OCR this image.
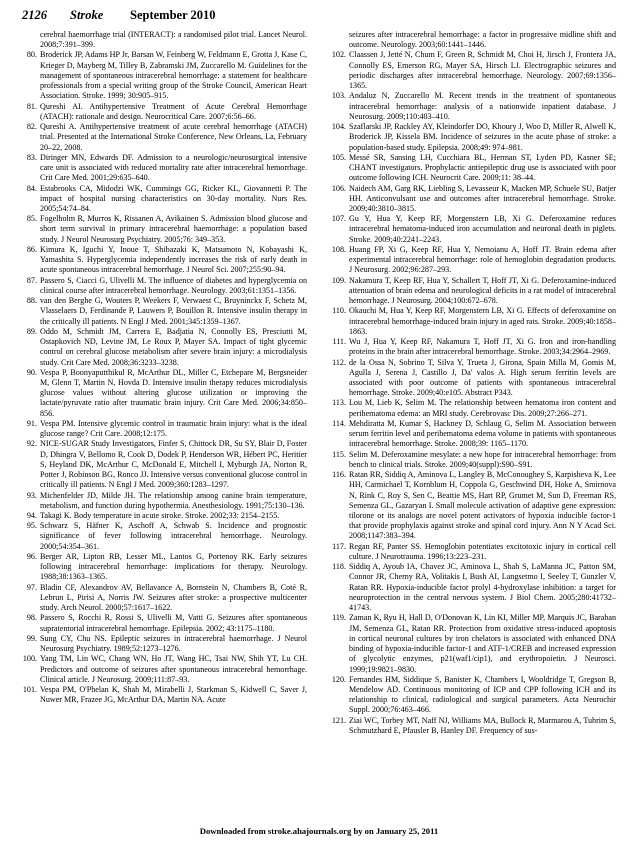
2126 Stroke September 2010
cerebral haemorrhage trial (INTERACT): a randomised pilot trial. Lancet Neurol. 2008;7:391–399.
80. Broderick JP, Adams HP Jr, Barsan W, Feinberg W, Feldmann E, Grotta J, Kase C, Krieger D, Mayberg M, Tilley B, Zabramski JM, Zuccarello M. Guidelines for the management of spontaneous intracerebral hemorrhage: a statement for healthcare professionals from a special writing group of the Stroke Council, American Heart Association. Stroke. 1999; 30:905–915.
81. Qureshi AI. Antihypertensive Treatment of Acute Cerebral Hemorrhage (ATACH): rationale and design. Neurocritical Care. 2007;6:56–66.
82. Qureshi A. Antihypertensive treatment of acute cerebral hemorrhage (ATACH) trial. Presented at the International Stroke Conference, New Orleans, La, February 20–22, 2008.
83. Diringer MN, Edwards DF. Admission to a neurologic/neurosurgical intensive care unit is associated with reduced mortality rate after intracerebral hemorrhage. Crit Care Med. 2001;29:635–640.
84. Estabrooks CA, Midodzi WK, Cummings GG, Ricker KL, Giovannetti P. The impact of hospital nursing characteristics on 30-day mortality. Nurs Res. 2005;54:74–84.
85. Fogelholm R, Murros K, Rissanen A, Avikainen S. Admission blood glucose and short term survival in primary intracerebral haemorrhage: a population based study. J Neurol Neurosurg Psychiatry. 2005;76: 349–353.
86. Kimura K, Iguchi Y, Inoue T, Shibazaki K, Matsumoto N, Kobayashi K, Yamashita S. Hyperglycemia independently increases the risk of early death in acute spontaneous intracerebral hemorrhage. J Neurol Sci. 2007;255:90–94.
87. Passero S, Ciacci G, Ulivelli M. The influence of diabetes and hyperglycemia on clinical course after intracerebral hemorrhage. Neurology. 2003;61:1351–1356.
88. van den Berghe G, Wouters P, Weekers F, Verwaest C, Bruyninckx F, Schetz M, Vlasselaers D, Ferdinande P, Lauwers P, Bouillon R. Intensive insulin therapy in the critically ill patients. N Engl J Med. 2001;345:1359–1367.
89. Oddo M, Schmidt JM, Carrera E, Badjatia N, Connolly ES, Presciutti M, Ostapkovich ND, Levine JM, Le Roux P, Mayer SA. Impact of tight glycemic control on cerebral glucose metabolism after severe brain injury: a microdialysis study. Crit Care Med. 2008;36:3233–3238.
90. Vespa P, Boonyaputthikul R, McArthur DL, Miller C, Etchepare M, Bergsneider M, Glenn T, Martin N, Hovda D. Intensive insulin therapy reduces microdialysis glucose values without altering glucose utilization or improving the lactate/pyruvate ratio after traumatic brain injury. Crit Care Med. 2006;34:850–856.
91. Vespa PM. Intensive glycemic control in traumatic brain injury: what is the ideal glucose range? Crit Care. 2008;12:175.
92. NICE-SUGAR Study Investigators, Finfer S, Chittock DR, Su SY, Blair D, Foster D, Dhingra V, Bellomo R, Cook D, Dodek P, Henderson WR, Hébert PC, Heritier S, Heyland DK, McArthur C, McDonald E, Mitchell I, Myburgh JA, Norton R, Potter J, Robinson BG, Ronco JJ. Intensive versus conventional glucose control in critically ill patients. N Engl J Med. 2009;360:1283–1297.
93. Michenfelder JD, Milde JH. The relationship among canine brain temperature, metabolism, and function during hypothermia. Anesthesiology. 1991;75:130–136.
94. Takagi K. Body temperature in acute stroke. Stroke. 2002;33: 2154–2155.
95. Schwarz S, Häfner K, Aschoff A, Schwab S. Incidence and prognostic significance of fever following intracerebral hemorrhage. Neurology. 2000;54:354–361.
96. Berger AR, Lipton RB, Lesser ML, Lantos G, Portenoy RK. Early seizures following intracerebral hemorrhage: implications for therapy. Neurology. 1988;38:1363–1365.
97. Bladin CF, Alexandrov AV, Bellavance A, Bornstein N, Chambers B, Coté R, Lebrun L, Pirisi A, Norris JW. Seizures after stroke: a prospective multicenter study. Arch Neurol. 2000;57:1617–1622.
98. Passero S, Rocchi R, Rossi S, Ulivelli M, Vatti G. Seizures after spontaneous supratentorial intracerebral hemorrhage. Epilepsia. 2002; 43:1175–1180.
99. Sung CY, Chu NS. Epileptic seizures in intracerebral haemorrhage. J Neurol Neurosurg Psychiatry. 1989;52:1273–1276.
100. Yang TM, Lin WC, Chang WN, Ho JT, Wang HC, Tsai NW, Shih YT, Lu CH. Predictors and outcome of seizures after spontaneous intracerebral hemorrhage. Clinical article. J Neurosurg. 2009;111:87–93.
101. Vespa PM, O'Phelan K, Shah M, Mirabelli J, Starkman S, Kidwell C, Saver J, Nuwer MR, Frazee JG, McArthur DA, Martin NA. Acute
seizures after intracerebral hemorrhage: a factor in progressive midline shift and outcome. Neurology. 2003;60:1441–1446.
102. Claassen J, Jetté N, Chum F, Green R, Schmidt M, Choi H, Jirsch J, Frontera JA, Connolly ES, Emerson RG, Mayer SA, Hirsch LJ. Electrographic seizures and periodic discharges after intracerebral hemorrhage. Neurology. 2007;69:1356–1365.
103. Andaluz N, Zuccarello M. Recent trends in the treatment of spontaneous intracerebral hemorrhage: analysis of a nationwide inpatient database. J Neurosurg. 2009;110:403–410.
104. Szaflarski JP, Rackley AY, Kleindorfer DO, Khoury J, Woo D, Miller R, Alwell K, Broderick JP, Kissela BM. Incidence of seizures in the acute phase of stroke: a population-based study. Epilepsia. 2008;49: 974–981.
105. Messé SR, Sansing LH, Cucchiara BL, Herman ST, Lyden PD, Kasner SE; CHANT investigators. Prophylactic antiepileptic drug use is associated with poor outcome following ICH. Neurocrit Care. 2009;11: 38–44.
106. Naidech AM, Garg RK, Liebling S, Levasseur K, Macken MP, Schuele SU, Batjer HH. Anticonvulsant use and outcomes after intracerebral hemorrhage. Stroke. 2009;40:3810–3815.
107. Gu Y, Hua Y, Keep RF, Morgenstern LB, Xi G. Deferoxamine reduces intracerebral hematoma-induced iron accumulation and neuronal death in piglets. Stroke. 2009;40:2241–2243.
108. Huang FP, Xi G, Keep RF, Hua Y, Nemoianu A, Hoff JT. Brain edema after experimental intracerebral hemorrhage: role of hemoglobin degradation products. J Neurosurg. 2002;96:287–293.
109. Nakamura T, Keep RF, Hua Y, Schallert T, Hoff JT, Xi G. Deferoxamine-induced attenuation of brain edema and neurological deficits in a rat model of intracerebral hemorrhage. J Neurosurg. 2004;100:672–678.
110. Okauchi M, Hua Y, Keep RF, Morgenstern LB, Xi G. Effects of deferoxamine on intracerebral hemorrhage-induced brain injury in aged rats. Stroke. 2009;40:1858–1863.
111. Wu J, Hua Y, Keep RF, Nakamura T, Hoff JT, Xi G. Iron and iron-handling proteins in the brain after intracerebral hemorrhage. Stroke. 2003;34:2964–2969.
112. de la Ossa N, Sobrino T, Silva Y, Truetа J, Girona, Spain Milla M, Gomis M, Agulla J, Serena J, Castillo J, Da' valos A. High serum ferritin levels are associated with poor outcome of patients with spontaneous intracerebral hemorrhage. Stroke. 2009;40:e105. Abstract P343.
113. Lou M, Lieb K, Selim M. The relationship between hematoma iron content and perihematoma edema: an MRI study. Cerebrovasc Dis. 2009;27:266–271.
114. Mehdiratta M, Kumar S, Hackney D, Schlaug G, Selim M. Association between serum ferritin level and perihematoma edema volume in patients with spontaneous intracerebral hemorrhage. Stroke. 2008;39: 1165–1170.
115. Selim M. Deferoxamine mesylate: a new hope for intracerebral hemorrhage: from bench to clinical trials. Stroke. 2009;40(suppl):S90–S91.
116. Ratan RR, Siddiq A, Aminova L, Langley B, McConoughey S, Karpisheva K, Lee HH, Carmichael T, Kornblum H, Coppola G, Geschwind DH, Hoke A, Smirnova N, Rink C, Roy S, Sen C, Beattie MS, Hart RP, Grumet M, Sun D, Freeman RS, Semenza GL, Gazaryan I. Small molecule activation of adaptive gene expression: tilorone or its analogs are novel potent activators of hypoxia inducible factor-1 that provide prophylaxis against stroke and spinal cord injury. Ann N Y Acad Sci. 2008;1147:383–394.
117. Regan RF, Panter SS. Hemoglobin potentiates excitotoxic injury in cortical cell culture. J Neurotrauma. 1996;13:223–231.
118. Siddiq A, Ayoub IA, Chavez JC, Aminova L, Shah S, LaManna JC, Patton SM, Connor JR, Cherny RA, Volitakis I, Bush AI, Langsetmo I, Seeley T, Gunzler V, Ratan RR. Hypoxia-inducible factor prolyl 4-hydroxylase inhibition: a target for neuroprotection in the central nervous system. J Biol Chem. 2005;280:41732–41743.
119. Zaman K, Ryu H, Hall D, O'Donovan K, Lin KI, Miller MP, Marquis JC, Baraban JM, Semenza GL, Ratan RR. Protection from oxidative stress-induced apoptosis in cortical neuronal cultures by iron chelators is associated with enhanced DNA binding of hypoxia-inducible factor-1 and ATF-1/CREB and increased expression of glycolytic enzymes, p21(waf1/cip1), and erythropoietin. J Neurosci. 1999;19:9821–9830.
120. Fernandes HM, Siddique S, Banister K, Chambers I, Wooldridge T, Gregson B, Mendelow AD. Continuous monitoring of ICP and CPP following ICH and its relationship to clinical, radiological and surgical parameters. Acta Neurochir Suppl. 2000;76:463–466.
121. Ziai WC, Torbey MT, Naff NJ, Williams MA, Bullock R, Marmarou A, Tuhrim S, Schmutzhard E, Pfausler B, Hanley DF. Frequency of sus-
Downloaded from stroke.ahajournals.org by on January 25, 2011
